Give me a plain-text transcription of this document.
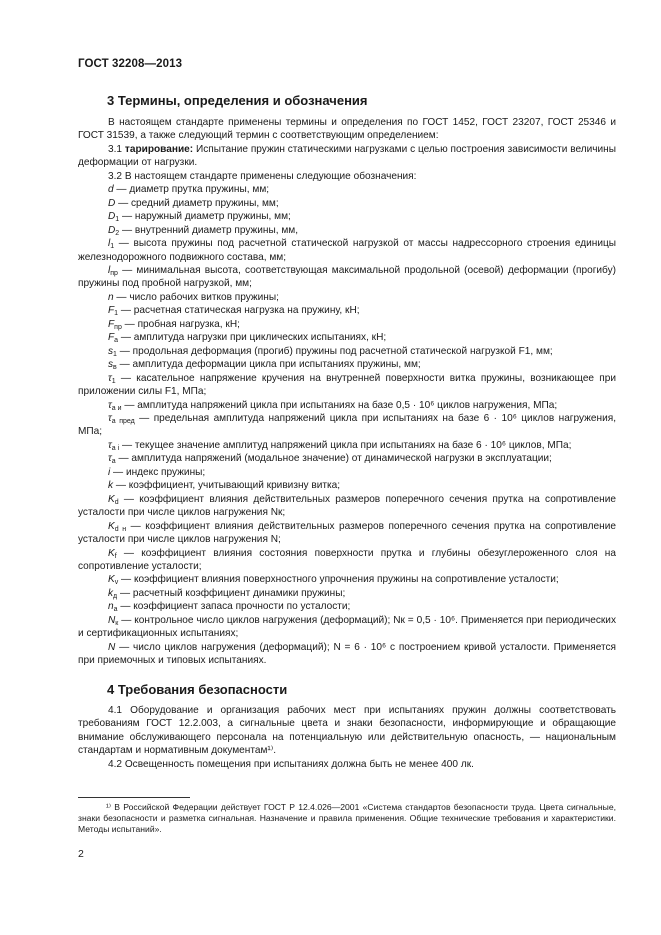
ГОСТ 32208—2013
3 Термины, определения и обозначения

В настоящем стандарте применены термины и определения по ГОСТ 1452, ГОСТ 23207, ГОСТ 25346 и ГОСТ 31539, а также следующий термин с соответствующим определением:

3.1 тарирование: Испытание пружин статическими нагрузками с целью построения зависимости величины деформации от нагрузки.

3.2 В настоящем стандарте применены следующие обозначения:

d — диаметр прутка пружины, мм;

D — средний диаметр пружины, мм;

$D_1$ — наружный диаметр пружины, мм;

$D_2$ — внутренний диаметр пружины, мм,

$l_1$ — высота пружины под расчетной статической нагрузкой от массы надрессорного строения единицы железнодорожного подвижного состава, мм;

$l_{пр}$ — минимальная высота, соответствующая максимальной продольной (осевой) деформации (прогибу) пружины под пробной нагрузкой, мм;

n — число рабочих витков пружины;

$F_1$ — расчетная статическая нагрузка на пружину, кН;

$F_{пр}$ — пробная нагрузка, кН;

$F_а$ — амплитуда нагрузки при циклических испытаниях, кН;

$s_1$ — продольная деформация (прогиб) пружины под расчетной статической нагрузкой F1, мм;

$s_в$ — амплитуда деформации цикла при испытаниях пружины, мм;

$\tau_1$ — касательное напряжение кручения на внутренней поверхности витка пружины, возникающее при приложении силы F1, МПа;

$\tau_{а и}$ — амплитуда напряжений цикла при испытаниях на базе 0,5 · 10⁶ циклов нагружения, МПа;

$\tau_{а пред}$ — предельная амплитуда напряжений цикла при испытаниях на базе 6 · 10⁶ циклов нагружения, МПа;

$\tau_{а i}$ — текущее значение амплитуд напряжений цикла при испытаниях на базе 6 · 10⁶ циклов, МПа;

$\tau_а$ — амплитуда напряжений (модальное значение) от динамической нагрузки в эксплуатации;

i — индекс пружины;

k — коэффициент, учитывающий кривизну витка;

$K_d$ — коэффициент влияния действительных размеров поперечного сечения прутка на сопротивление усталости при числе циклов нагружения Nк;

$K_{d н}$ — коэффициент влияния действительных размеров поперечного сечения прутка на сопротивление усталости при числе циклов нагружения N;

$K_f$ — коэффициент влияния состояния поверхности прутка и глубины обезуглероженного слоя на сопротивление усталости;

$K_v$ — коэффициент влияния поверхностного упрочнения пружины на сопротивление усталости;

$k_д$ — расчетный коэффициент динамики пружины;

$n_а$ — коэффициент запаса прочности по усталости;

$N_к$ — контрольное число циклов нагружения (деформаций); Nк = 0,5 · 10⁶. Применяется при периодических и сертификационных испытаниях;

N — число циклов нагружения (деформаций); N = 6 · 10⁶ с построением кривой усталости. Применяется при приемочных и типовых испытаниях.

4 Требования безопасности

4.1 Оборудование и организация рабочих мест при испытаниях пружин должны соответствовать требованиям ГОСТ 12.2.003, а сигнальные цвета и знаки безопасности, информирующие и обращающие внимание обслуживающего персонала на потенциальную или действительную опасность, — национальным стандартам и нормативным документам¹⁾.

4.2 Освещенность помещения при испытаниях должна быть не менее 400 лк.

¹⁾ В Российской Федерации действует ГОСТ Р 12.4.026—2001 «Система стандартов безопасности труда. Цвета сигнальные, знаки безопасности и разметка сигнальная. Назначение и правила применения. Общие технические требования и характеристики. Методы испытаний».

2
